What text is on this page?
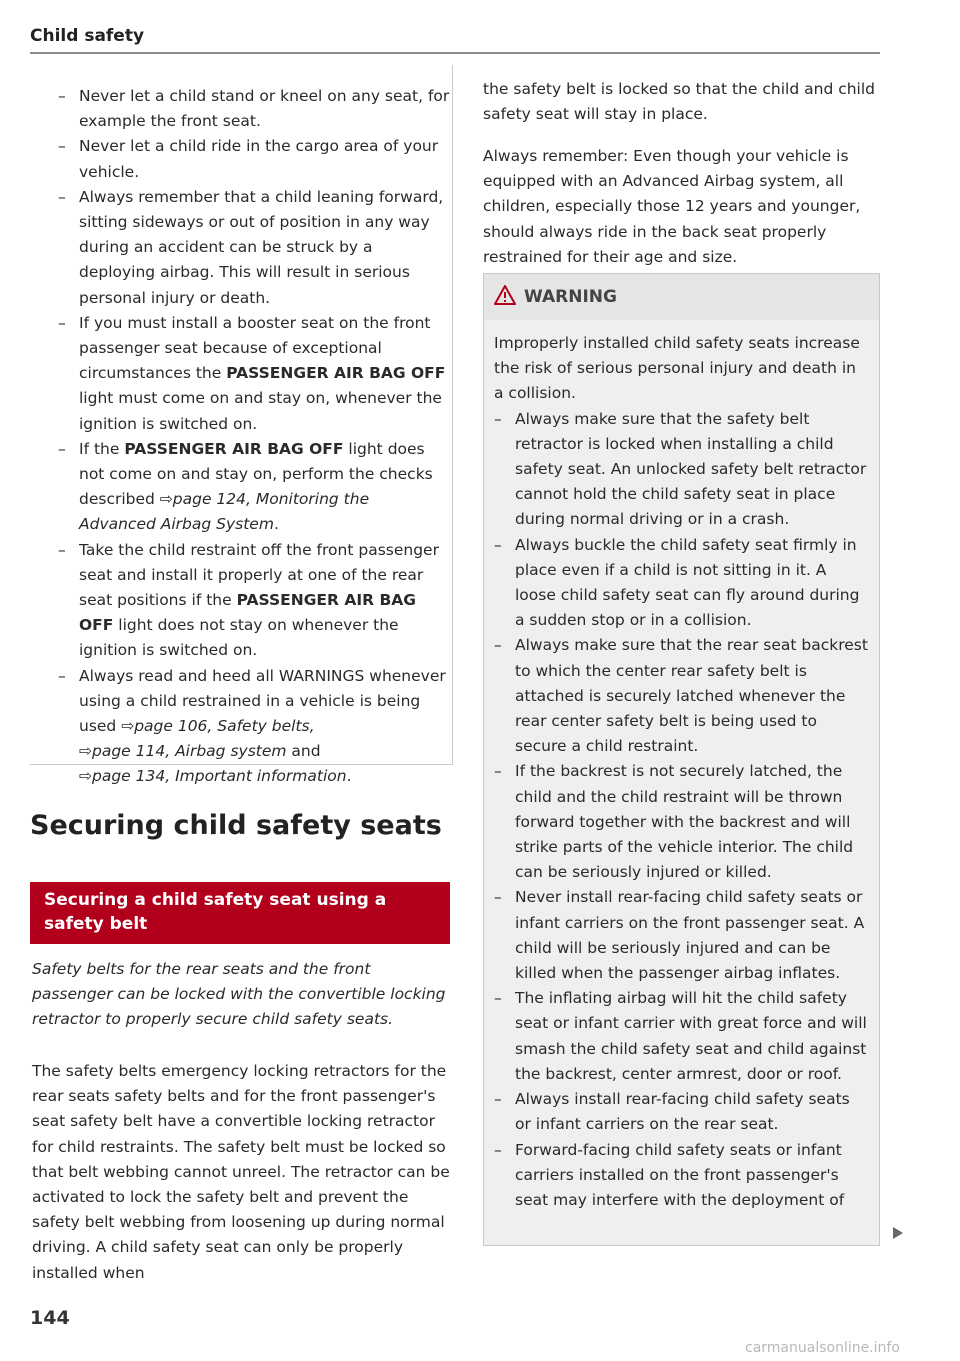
Child safety
– Never let a child stand or kneel on any seat, for example the front seat.
– Never let a child ride in the cargo area of your vehicle.
– Always remember that a child leaning forward, sitting sideways or out of position in any way during an accident can be struck by a deploying airbag. This will result in serious personal injury or death.
– If you must install a booster seat on the front passenger seat because of exceptional circumstances the PASSENGER AIR BAG OFF light must come on and stay on, whenever the ignition is switched on.
– If the PASSENGER AIR BAG OFF light does not come on and stay on, perform the checks described ⇨page 124, Monitoring the Advanced Airbag System.
– Take the child restraint off the front passenger seat and install it properly at one of the rear seat positions if the PASSENGER AIR BAG OFF light does not stay on whenever the ignition is switched on.
– Always read and heed all WARNINGS whenever using a child restrained in a vehicle is being used ⇨page 106, Safety belts,
⇨page 114, Airbag system and
⇨page 134, Important information.
Securing child safety seats
Securing a child safety seat using a safety belt
Safety belts for the rear seats and the front passenger can be locked with the convertible locking retractor to properly secure child safety seats.
The safety belts emergency locking retractors for the rear seats safety belts and for the front passenger's seat safety belt have a convertible locking retractor for child restraints. The safety belt must be locked so that belt webbing cannot unreel. The retractor can be activated to lock the safety belt and prevent the safety belt webbing from loosening up during normal driving. A child safety seat can only be properly installed when
the safety belt is locked so that the child and child safety seat will stay in place.
Always remember: Even though your vehicle is equipped with an Advanced Airbag system, all children, especially those 12 years and younger, should always ride in the back seat properly restrained for their age and size.
WARNING

Improperly installed child safety seats increase the risk of serious personal injury and death in a collision.

– Always make sure that the safety belt retractor is locked when installing a child safety seat. An unlocked safety belt retractor cannot hold the child safety seat in place during normal driving or in a crash.
– Always buckle the child safety seat firmly in place even if a child is not sitting in it. A loose child safety seat can fly around during a sudden stop or in a collision.
– Always make sure that the rear seat backrest to which the center rear safety belt is attached is securely latched whenever the rear center safety belt is being used to secure a child restraint.
– If the backrest is not securely latched, the child and the child restraint will be thrown forward together with the backrest and will strike parts of the vehicle interior. The child can be seriously injured or killed.
– Never install rear-facing child safety seats or infant carriers on the front passenger seat. A child will be seriously injured and can be killed when the passenger airbag inflates.
– The inflating airbag will hit the child safety seat or infant carrier with great force and will smash the child safety seat and child against the backrest, center armrest, door or roof.
– Always install rear-facing child safety seats or infant carriers on the rear seat.
– Forward-facing child safety seats or infant carriers installed on the front passenger's seat may interfere with the deployment of
144
carmanualsonline.info
